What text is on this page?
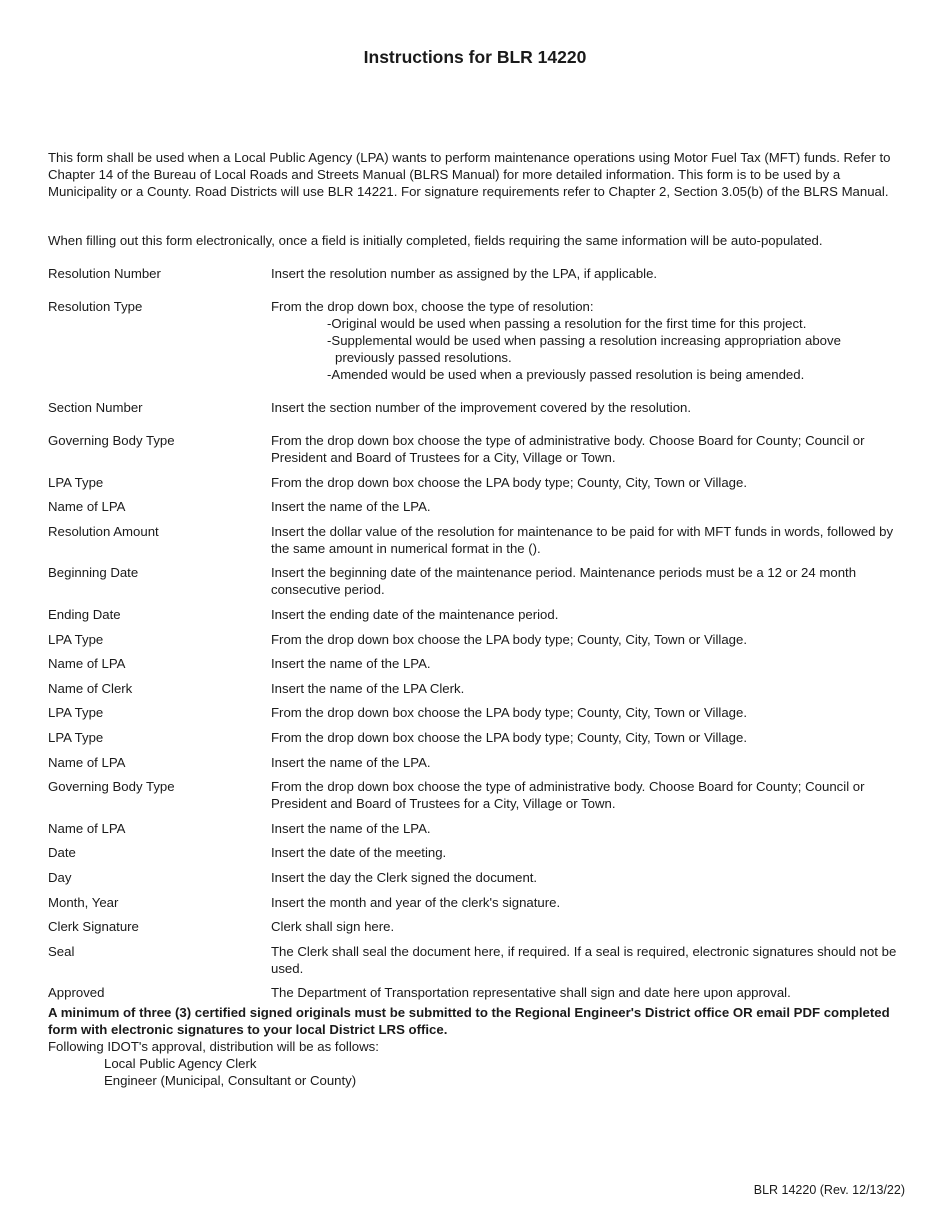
Instructions for BLR 14220
This form shall be used when a Local Public Agency (LPA) wants to perform maintenance operations using Motor Fuel Tax (MFT) funds. Refer to Chapter 14 of the Bureau of Local Roads and Streets Manual (BLRS Manual) for more detailed information. This form is to be used by a Municipality or a County. Road Districts will use BLR 14221. For signature requirements refer to Chapter 2, Section 3.05(b) of the BLRS Manual.
When filling out this form electronically, once a field is initially completed, fields requiring the same information will be auto-populated.
Resolution Number	Insert the resolution number as assigned by the LPA, if applicable.
Resolution Type	From the drop down box, choose the type of resolution:
-Original would be used when passing a resolution for the first time for this project.
-Supplemental would be used when passing a resolution increasing appropriation above
previously passed resolutions.
-Amended would be used when a previously passed resolution is being amended.
Section Number	Insert the section number of the improvement covered by the resolution.
Governing Body Type	From the drop down box choose the type of administrative body. Choose Board for County; Council or President and Board of Trustees for a City, Village or Town.
LPA Type	From the drop down box choose the LPA body type; County, City, Town or Village.
Name of LPA	Insert the name of the LPA.
Resolution Amount	Insert the dollar value of the resolution for maintenance to be paid for with MFT funds in words, followed by the same amount in numerical format in the ().
Beginning Date	Insert the beginning date of the maintenance period. Maintenance periods must be a 12 or 24 month consecutive period.
Ending Date	Insert the ending date of the maintenance period.
LPA Type	From the drop down box choose the LPA body type; County, City, Town or Village.
Name of LPA	Insert the name of the LPA.
Name of Clerk	Insert the name of the LPA Clerk.
LPA Type	From the drop down box choose the LPA body type; County, City, Town or Village.
LPA Type	From the drop down box choose the LPA body type; County, City, Town or Village.
Name of LPA	Insert the name of the LPA.
Governing Body Type	From the drop down box choose the type of administrative body. Choose Board for County; Council or President and Board of Trustees for a City, Village or Town.
Name of LPA	Insert the name of the LPA.
Date	Insert the date of the meeting.
Day	Insert the day the Clerk signed the document.
Month, Year	Insert the month and year of the clerk's signature.
Clerk Signature	Clerk shall sign here.
Seal	The Clerk shall seal the document here, if required. If a seal is required, electronic signatures should not be used.
Approved	The Department of Transportation representative shall sign and date here upon approval.
A minimum of three (3) certified signed originals must be submitted to the Regional Engineer's District office OR email PDF completed form with electronic signatures to your local District LRS office.
Following IDOT's approval, distribution will be as follows:
Local Public Agency Clerk
Engineer (Municipal, Consultant or County)
BLR 14220 (Rev. 12/13/22)
